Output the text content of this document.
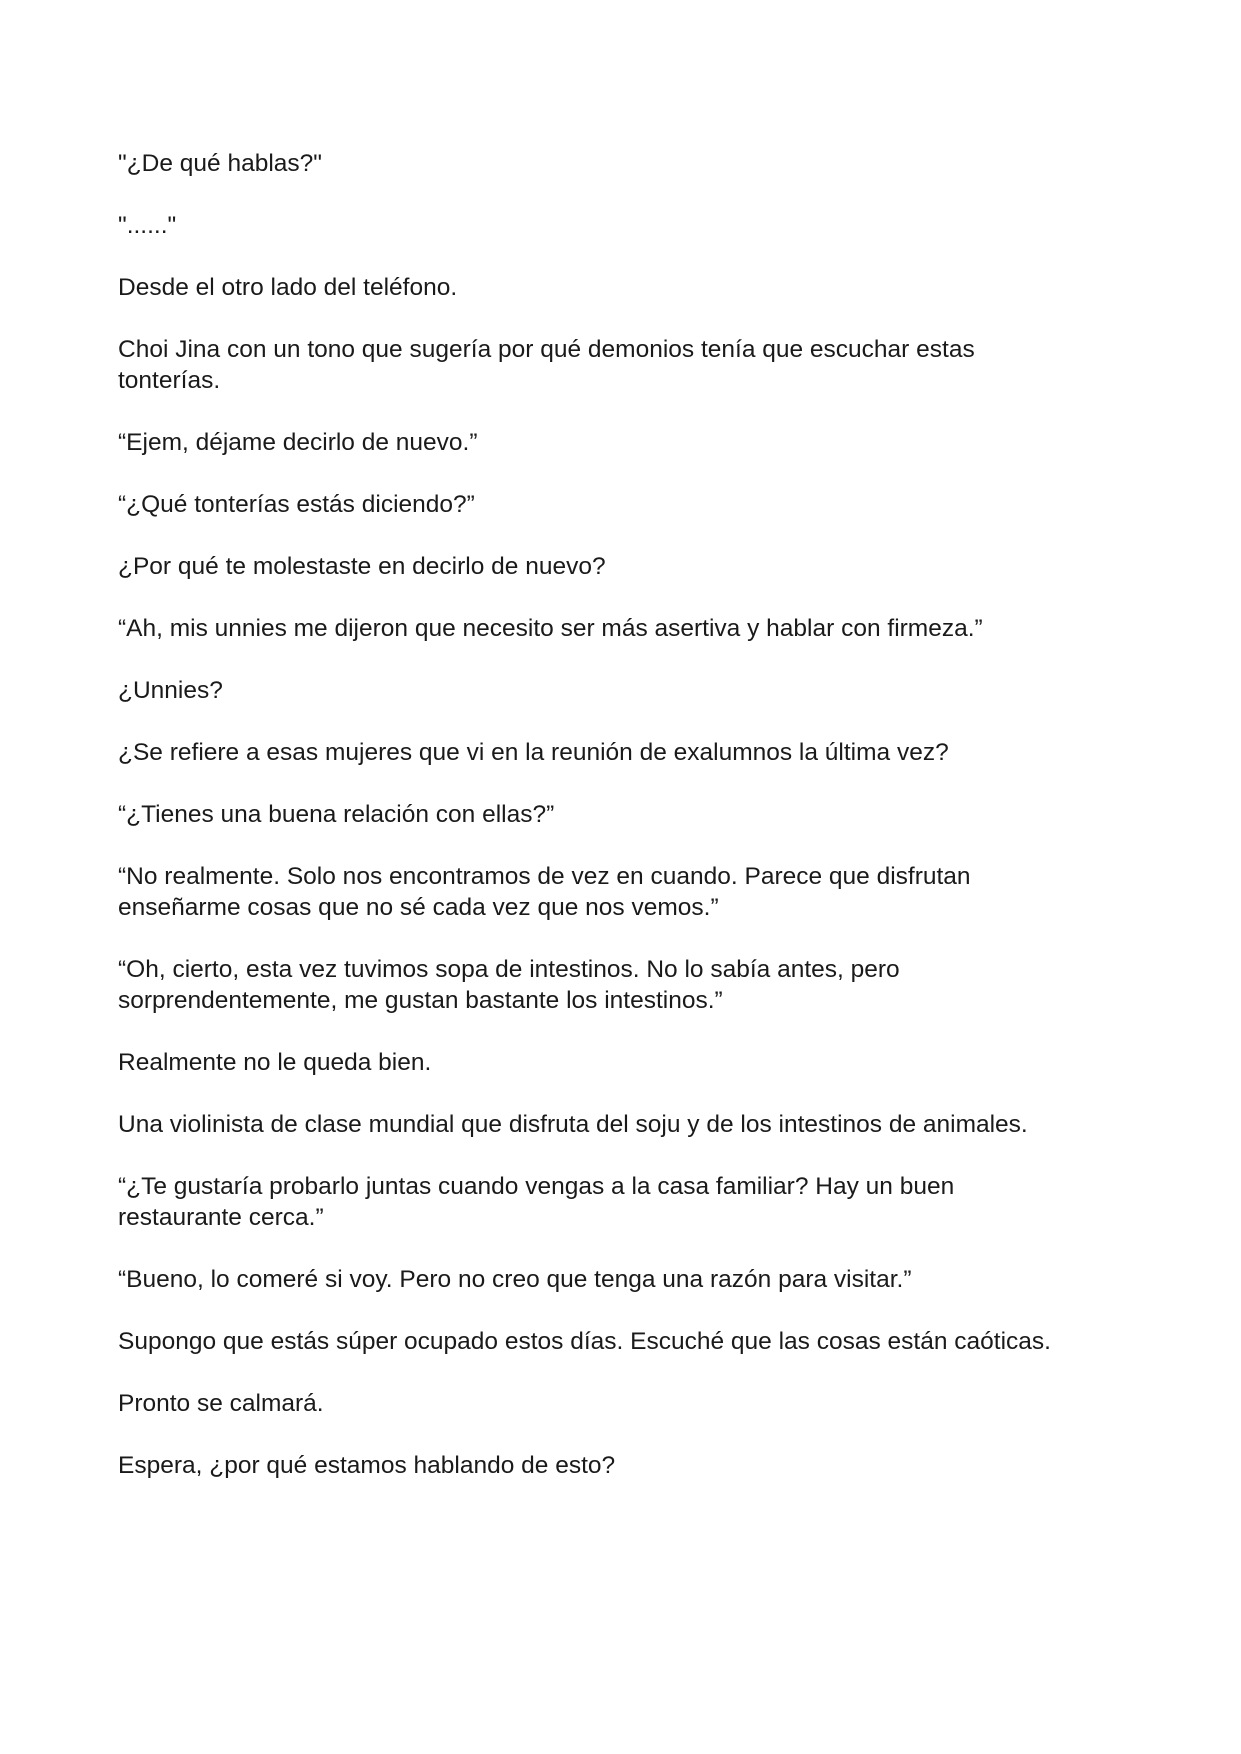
"¿De qué hablas?"

"......"

Desde el otro lado del teléfono.

Choi Jina con un tono que sugería por qué demonios tenía que escuchar estas tonterías.

“Ejem, déjame decirlo de nuevo.”

“¿Qué tonterías estás diciendo?”

¿Por qué te molestaste en decirlo de nuevo?

“Ah, mis unnies me dijeron que necesito ser más asertiva y hablar con firmeza.”

¿Unnies?

¿Se refiere a esas mujeres que vi en la reunión de exalumnos la última vez?

“¿Tienes una buena relación con ellas?”

“No realmente. Solo nos encontramos de vez en cuando. Parece que disfrutan enseñarme cosas que no sé cada vez que nos vemos.”

“Oh, cierto, esta vez tuvimos sopa de intestinos. No lo sabía antes, pero sorprendentemente, me gustan bastante los intestinos.”

Realmente no le queda bien.

Una violinista de clase mundial que disfruta del soju y de los intestinos de animales.

“¿Te gustaría probarlo juntas cuando vengas a la casa familiar? Hay un buen restaurante cerca.”

“Bueno, lo comeré si voy. Pero no creo que tenga una razón para visitar.”

Supongo que estás súper ocupado estos días. Escuché que las cosas están caóticas.

Pronto se calmará.

Espera, ¿por qué estamos hablando de esto?
